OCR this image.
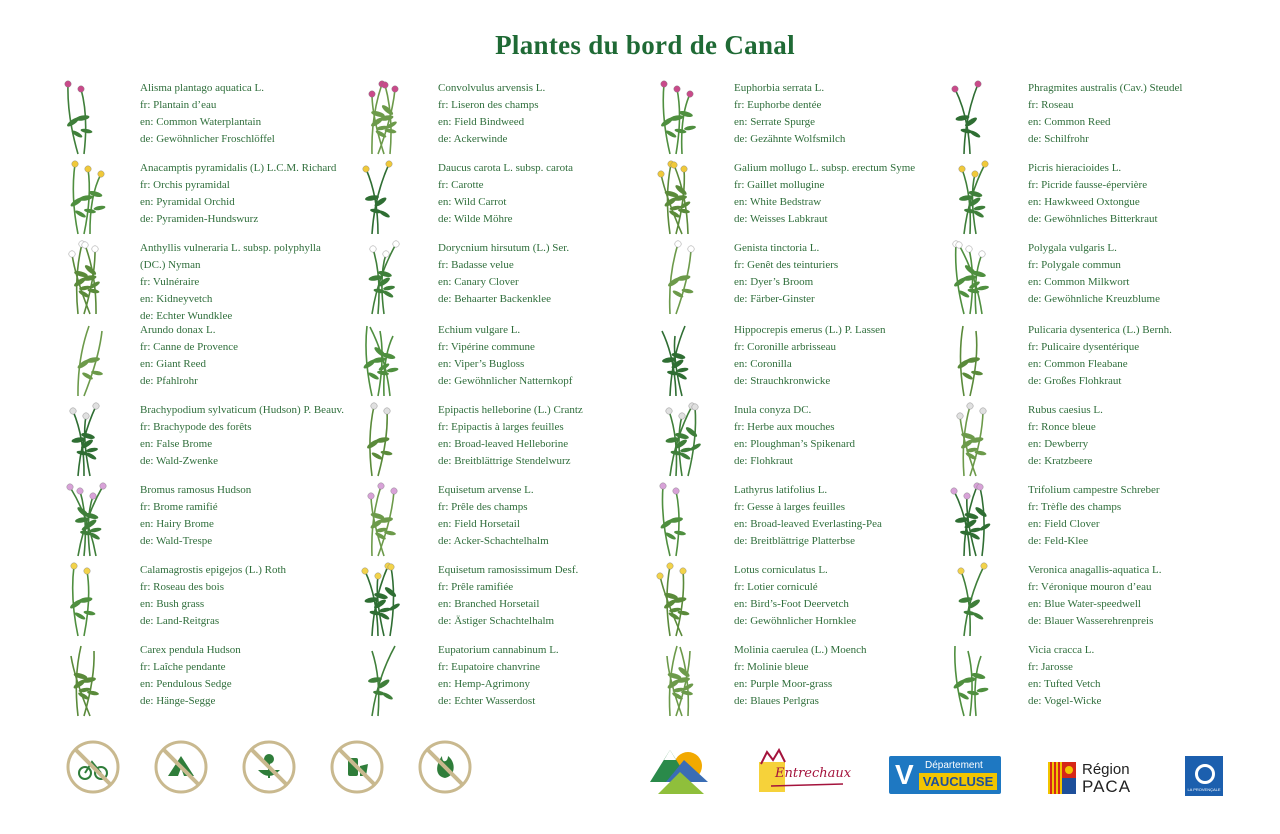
Plantes du bord de Canal
Alisma plantago aquatica L.
fr: Plantain d’eau
en: Common Waterplantain
de: Gewöhnlicher Froschlöffel
Anacamptis pyramidalis (L) L.C.M. Richard
fr: Orchis pyramidal
en: Pyramidal Orchid
de: Pyramiden-Hundswurz
Anthyllis vulneraria L. subsp. polyphylla
(DC.) Nyman
fr: Vulnéraire
en: Kidneyvetch
de: Echter Wundklee
Arundo donax L.
fr: Canne de Provence
en: Giant Reed
de: Pfahlrohr
Brachypodium sylvaticum (Hudson) P. Beauv.
fr: Brachypode des forêts
en: False Brome
de: Wald-Zwenke
Bromus ramosus Hudson
fr: Brome ramifié
en: Hairy Brome
de: Wald-Trespe
Calamagrostis epigejos (L.) Roth
fr: Roseau des bois
en: Bush grass
de: Land-Reitgras
Carex pendula Hudson
fr: Laîche pendante
en: Pendulous Sedge
de: Hänge-Segge
Convolvulus arvensis L.
fr: Liseron des champs
en: Field Bindweed
de: Ackerwinde
Daucus carota L. subsp. carota
fr: Carotte
en: Wild Carrot
de: Wilde Möhre
Dorycnium hirsutum (L.) Ser.
fr: Badasse velue
en: Canary Clover
de: Behaarter Backenklee
Echium vulgare L.
fr: Vipérine commune
en: Viper’s Bugloss
de: Gewöhnlicher Natternkopf
Epipactis helleborine (L.) Crantz
fr: Epipactis à larges feuilles
en: Broad-leaved Helleborine
de: Breitblättrige Stendelwurz
Equisetum arvense L.
fr: Prêle des champs
en: Field Horsetail
de: Acker-Schachtelhalm
Equisetum ramosissimum Desf.
fr: Prêle ramifiée
en: Branched Horsetail
de: Ästiger Schachtelhalm
Eupatorium cannabinum L.
fr: Eupatoire chanvrine
en: Hemp-Agrimony
de: Echter Wasserdost
Euphorbia serrata L.
fr: Euphorbe dentée
en: Serrate Spurge
de: Gezähnte Wolfsmilch
Galium mollugo L. subsp. erectum Syme
fr: Gaillet mollugine
en: White Bedstraw
de: Weisses Labkraut
Genista tinctoria L.
fr: Genêt des teinturiers
en: Dyer’s Broom
de: Färber-Ginster
Hippocrepis emerus (L.) P. Lassen
fr: Coronille arbrisseau
en: Coronilla
de: Strauchkronwicke
Inula conyza DC.
fr: Herbe aux mouches
en: Ploughman’s Spikenard
de: Flohkraut
Lathyrus latifolius L.
fr: Gesse à larges feuilles
en: Broad-leaved Everlasting-Pea
de: Breitblättrige Platterbse
Lotus corniculatus L.
fr: Lotier corniculé
en: Bird’s-Foot Deervetch
de: Gewöhnlicher Hornklee
Molinia caerulea (L.) Moench
fr: Molinie bleue
en: Purple Moor-grass
de: Blaues Perlgras
Phragmites australis (Cav.) Steudel
fr: Roseau
en: Common Reed
de: Schilfrohr
Picris hieracioides L.
fr: Picride fausse-épervière
en: Hawkweed Oxtongue
de: Gewöhnliches Bitterkraut
Polygala vulgaris L.
fr: Polygale commun
en: Common Milkwort
de: Gewöhnliche Kreuzblume
Pulicaria dysenterica (L.) Bernh.
fr: Pulicaire dysentérique
en: Common Fleabane
de: Großes Flohkraut
Rubus caesius L.
fr: Ronce bleue
en: Dewberry
de: Kratzbeere
Trifolium campestre Schreber
fr: Trèfle des champs
en: Field Clover
de: Feld-Klee
Veronica anagallis-aquatica L.
fr: Véronique mouron d’eau
en: Blue Water-speedwell
de: Blauer Wasserehrenpreis
Vicia cracca L.
fr: Jarosse
en: Tufted Vetch
de: Vogel-Wicke
Entrechaux V	Département
VAUCLUSE
Région
PACA	LA PROVENÇALE
